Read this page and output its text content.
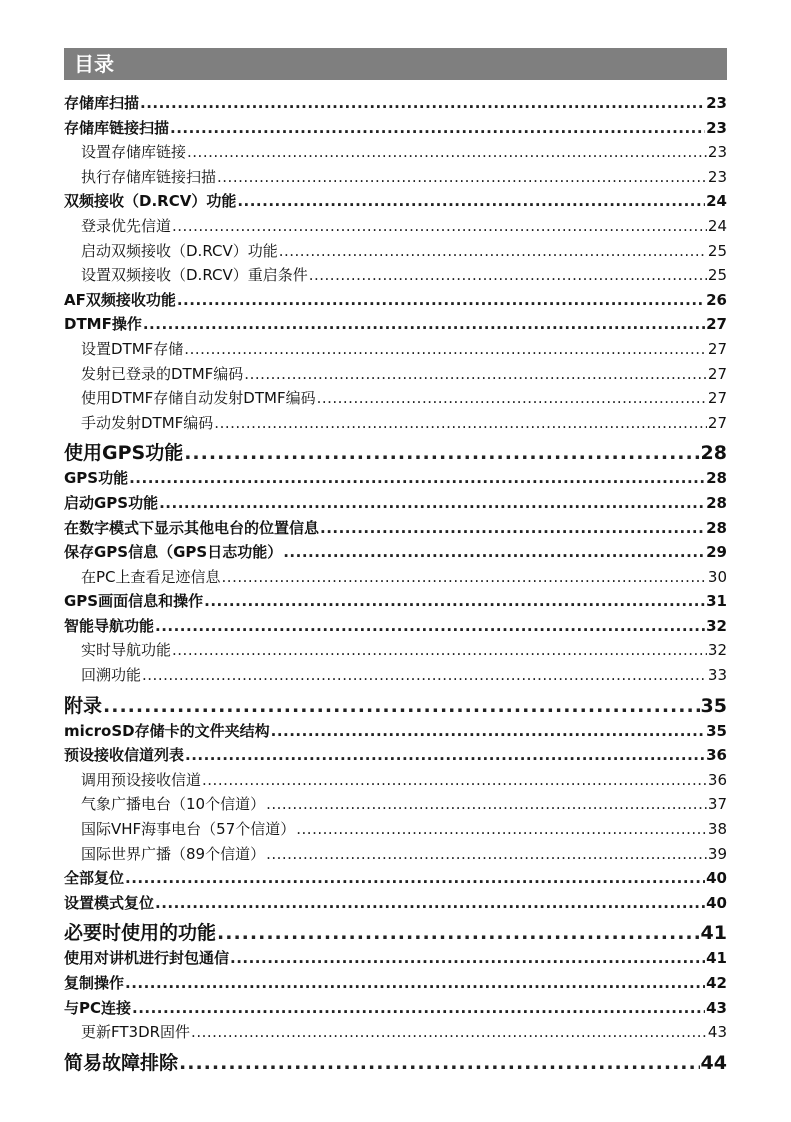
目录
存储库扫描 .....	23
存储库链接扫描 .....	23
设置存储库链接 .....	23
执行存储库链接扫描 .....	23
双频接收（D.RCV）功能 .....	24
登录优先信道 .....	24
启动双频接收（D.RCV）功能 .....	25
设置双频接收（D.RCV）重启条件 .....	25
AF双频接收功能 .....	26
DTMF操作 .....	27
设置DTMF存储 .....	27
发射已登录的DTMF编码 .....	27
使用DTMF存储自动发射DTMF编码 .....	27
手动发射DTMF编码 .....	27
使用GPS功能 .....	28
GPS功能 .....	28
启动GPS功能 .....	28
在数字模式下显示其他电台的位置信息 .....	28
保存GPS信息（GPS日志功能） .....	29
在PC上查看足迹信息 .....	30
GPS画面信息和操作 .....	31
智能导航功能 .....	32
实时导航功能 .....	32
回溯功能 .....	33
附录 .....	35
microSD存储卡的文件夹结构 .....	35
预设接收信道列表 .....	36
调用预设接收信道 .....	36
气象广播电台（10个信道） .....	37
国际VHF海事电台（57个信道） .....	38
国际世界广播（89个信道） .....	39
全部复位 .....	40
设置模式复位 .....	40
必要时使用的功能 .....	41
使用对讲机进行封包通信 .....	41
复制操作 .....	42
与PC连接 .....	43
更新FT3DR固件 .....	43
简易故障排除 .....	44
